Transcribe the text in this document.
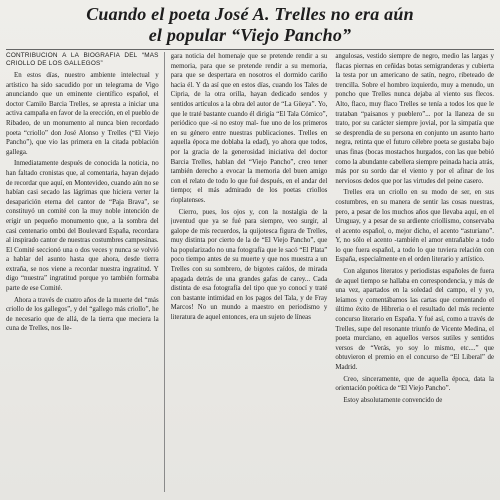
Cuando el poeta José A. Trelles no era aún
el popular “Viejo Pancho”
CONTRIBUCION A LA BIOGRAFIA DEL “MAS CRIOLLO DE LOS GALLEGOS”

En estos días, nuestro ambiente intelectual y artístico ha sido sacudido por un telegrama de Vigo anunciando que un eminente científico español, el doctor Camilo Barcia Trelles, se apresta a iniciar una activa campaña en favor de la erección, en el pueblo de Ribadeo, de un monumento al nunca bien recordado poeta “criollo” don José Alonso y Trelles (“El Viejo Pancho”), que vio las primera en la citada población gallega.

Inmediatamente después de conocida la noticia, no han faltado cronistas que, al comentaria, hayan dejado de recordar que aquí, en Montevideo, cuando aún no se habían casi secado las lágrimas que hiciera verter la desaparición eterna del cantor de “Paja Brava”, se constituyó un comité con la muy noble intención de erigir un pequeño monumento que, a la sombra del casi centenario ombú del Boulevard España, recordara al inspirado cantor de nuestras costumbres campesinas. El Comité seccionó una o dos veces y nunca se volvió a hablar del asunto hasta que ahora, desde tierra extraña, se nos viene a recordar nuestra ingratitud. Y digo “nuestra” ingratitud porque yo también formaba parte de ese Comité.

Ahora a través de cuatro años de la muerte del “más criollo de los gallegos”, y del “gallego más criollo”, he de necesario que de allá, de la tierra que meciera la cuna de Trelles, nos lle-

gara noticia del homenaje que se pretende rendir a su memoria, para que se pretende rendir a su memoria, para que se despertara en nosotros el dormido cariño hacia él. Y da así que en estos días, cuando los Tales de Cipria, de la otra orilla, hayan dedicado sendos y sentidos artículos a la obra del autor de “La Güeya”. Yo, que le traté bastante cuando él dirigía “El Tala Cómico”, periódico que -si no estoy mal- fue uno de los primeros en su género entre nuestras publicaciones. Trelles en aquella época me doblaba la edad), yo ahora que todos, por la gracia de la generosidad iniciativa del doctor Barcia Trelles, hablan del “Viejo Pancho”, creo tener también derecho a evocar la memoria del buen amigo con el relato de todo lo que fué después, en el andar del tiempo; el más admirado de los poetas criollos rioplatenses.

Cierro, pues, los ojos y, con la nostalgia de la juventud que ya se fué para siempre, veo surgir, al galope de mis recuerdos, la quijotesca figura de Trelles, muy distinta por cierto de la de “El Viejo Pancho”, que ha popularizado no una fotografía que le sacó “El Plata” poco tiempo antes de su muerte y que nos muestra a un Trelles con su sombrero, de bigotes caídos, de mirada apagada detrás de una grandes gafas de carey... Cada distinta de esa fotografía del tipo que yo conocí y traté con bastante intimidad en los pagos del Tala, y de Fray Marcos! No un mundo a maestro en periodismo y literatura de aquel entonces, era un sujeto de líneas

angulosas, vestido siempre de negro, medio las largas y flacas piernas en ceñidas botas semigranderas y cubierta la testa por un americano de satín, negro, ribeteado de trencilla. Sobre el hombro izquierdo, muy a menudo, un poncho que Trelles nunca dejaba al viento sus flecos. Alto, flaco, muy flaco Trelles se tenía a todos los que le trataban “paisanos y pueblero”... por la llaneza de su trato, por su carácter siempre jovial, por la simpatía que se desprendía de su persona en conjunto un asunto harto negra, retinta que el futuro célebre poeta se gustaba bajo unas finas (bocas mostachos hurgados, con las que bebió como la abundante cabellera siempre peinada hacia atrás, más por su sordo dar el viento y por el afinar de los nerviosos dedos que por las virtudes del peine casero.

Trelles era un criollo en su modo de ser, en sus costumbres, en su manera de sentir las cosas nuestras, pero, a pesar de los muchos años que llevaba aquí, en el Uruguay, y a pesar de su ardiente criollismo, conservaba el acento español, o, mejor dicho, el acento “asturiano”. Y, no sólo el acento -también el amor entrañable a todo lo que fuera español, a todo lo que tuviera relación con España, especialmente en el orden literario y artístico.

Con algunos literatos y periodistas españoles de fuera de aquel tiempo se hallaba en correspondencia, y más de una vez, apartados en la soledad del campo, el y yo, leíamos y comentábamos las cartas que comentando el último éxito de Hibreria o el resultado del más reciente concurso literario en España. Y fué así, como a través de Trelles, supe del resonante triunfo de Vicente Medina, el poeta murciano, en aquellos versos sutiles y sentidos versos de “Verás, yo soy lo mismo, etc....” que obtuvieron el premio en el concurso de “El Liberal” de Madrid.

Creo, sinceramente, que de aquella época, data la orientación poética de “El Viejo Pancho”.

Estoy absolutamente convencido de
